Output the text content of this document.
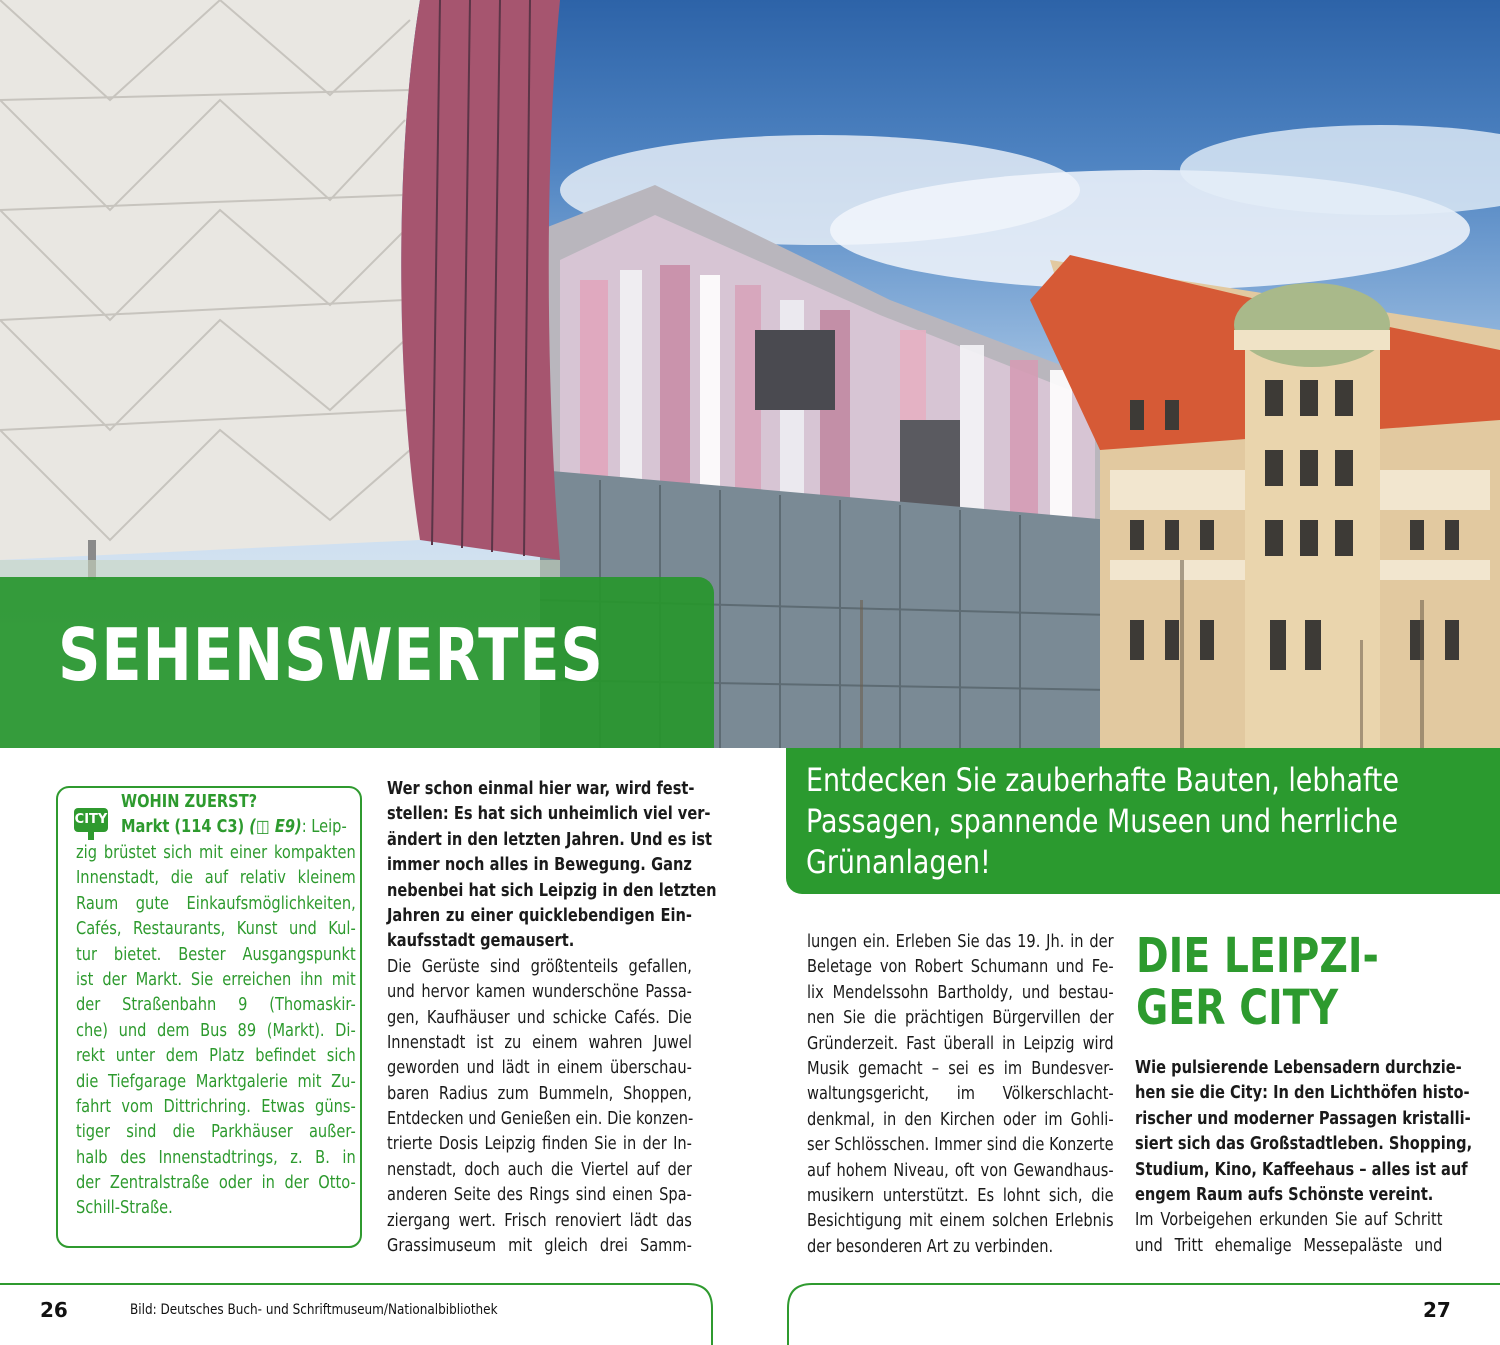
SEHENSWERTES

Entdecken Sie zauberhafte Bauten, lebhafte
Passagen, spannende Museen und herrliche
Grünanlagen!

CITY
WOHIN ZUERST?
Markt (114 C3) (◫ E9): Leip-
zig brüstet sich mit einer kompakten
Innenstadt, die auf relativ kleinem
Raum gute Einkaufsmöglichkeiten,
Cafés, Restaurants, Kunst und Kul-
tur bietet. Bester Ausgangspunkt
ist der Markt. Sie erreichen ihn mit
der Straßenbahn 9 (Thomaskir-
che) und dem Bus 89 (Markt). Di-
rekt unter dem Platz befindet sich
die Tiefgarage Marktgalerie mit Zu-
fahrt vom Dittrichring. Etwas güns-
tiger sind die Parkhäuser außer-
halb des Innenstadtrings, z. B. in
der Zentralstraße oder in der Otto-
Schill-Straße.
Wer schon einmal hier war, wird fest-
stellen: Es hat sich unheimlich viel ver-
ändert in den letzten Jahren. Und es ist
immer noch alles in Bewegung. Ganz
nebenbei hat sich Leipzig in den letzten
Jahren zu einer quicklebendigen Ein-
kaufsstadt gemausert.
Die Gerüste sind größtenteils gefallen,
und hervor kamen wunderschöne Passa-
gen, Kaufhäuser und schicke Cafés. Die
Innenstadt ist zu einem wahren Juwel
geworden und lädt in einem überschau-
baren Radius zum Bummeln, Shoppen,
Entdecken und Genießen ein. Die konzen-
trierte Dosis Leipzig finden Sie in der In-
nenstadt, doch auch die Viertel auf der
anderen Seite des Rings sind einen Spa-
ziergang wert. Frisch renoviert lädt das
Grassimuseum mit gleich drei Samm-
lungen ein. Erleben Sie das 19. Jh. in der
Beletage von Robert Schumann und Fe-
lix Mendelssohn Bartholdy, und bestau-
nen Sie die prächtigen Bürgervillen der
Gründerzeit. Fast überall in Leipzig wird
Musik gemacht – sei es im Bundesver-
waltungsgericht, im Völkerschlacht-
denkmal, in den Kirchen oder im Gohli-
ser Schlösschen. Immer sind die Konzerte
auf hohem Niveau, oft von Gewandhaus-
musikern unterstützt. Es lohnt sich, die
Besichtigung mit einem solchen Erlebnis
der besonderen Art zu verbinden.
DIE LEIPZI-
GER CITY
Wie pulsierende Lebensadern durchzie-
hen sie die City: In den Lichthöfen histo-
rischer und moderner Passagen kristalli-
siert sich das Großstadtleben. Shopping,
Studium, Kino, Kaffeehaus – alles ist auf
engem Raum aufs Schönste vereint.
Im Vorbeigehen erkunden Sie auf Schritt
und Tritt ehemalige Messepaläste und
26	Bild: Deutsches Buch- und Schriftmuseum/Nationalbibliothek	27
